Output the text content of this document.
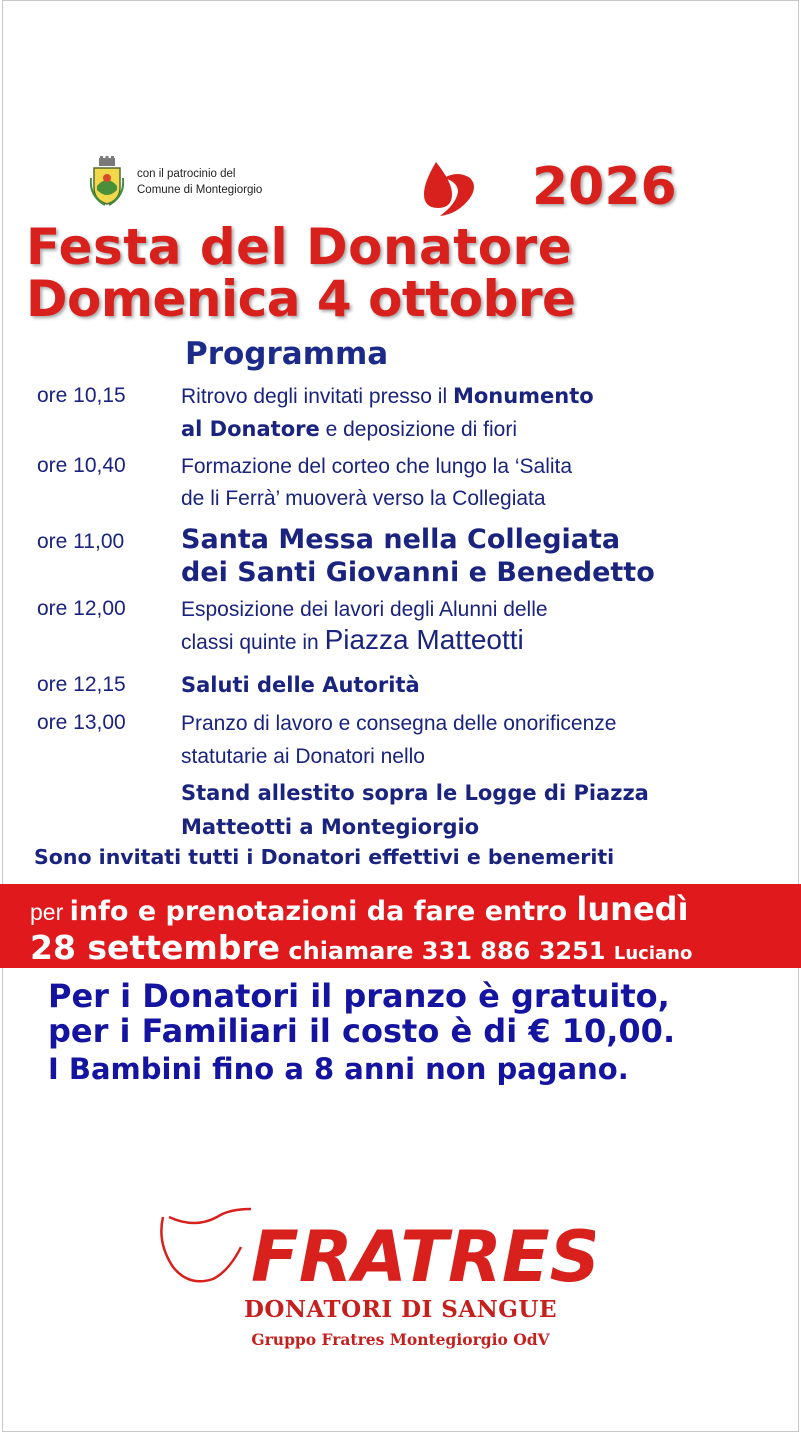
con il patrocinio del
Comune di Montegiorgio	2026
Festa del Donatore
Domenica 4 ottobre
Programma
ore 10,15	Ritrovo degli invitati presso il Monumento
al Donatore e deposizione di fiori
ore 10,40	Formazione del corteo che lungo la ‘Salita
de li Ferrà’ muoverà verso la Collegiata
ore 11,00 Santa Messa nella Collegiata
dei Santi Giovanni e Benedetto
ore 12,00	Esposizione dei lavori degli Alunni delle
classi quinte in Piazza Matteotti
ore 12,15	Saluti delle Autorità
ore 13,00	Pranzo di lavoro e consegna delle onorificenze
statutarie ai Donatori nello
Stand allestito sopra le Logge di Piazza
Matteotti a Montegiorgio
Sono invitati tutti i Donatori effettivi e benemeriti
per info e prenotazioni da fare entro lunedì
28 settembre chiamare 331 886 3251 Luciano
Per i Donatori il pranzo è gratuito,
per i Familiari il costo è di € 10,00.
I Bambini fino a 8 anni non pagano.
FRATRES
DONATORI DI SANGUE
Gruppo Fratres Montegiorgio OdV
